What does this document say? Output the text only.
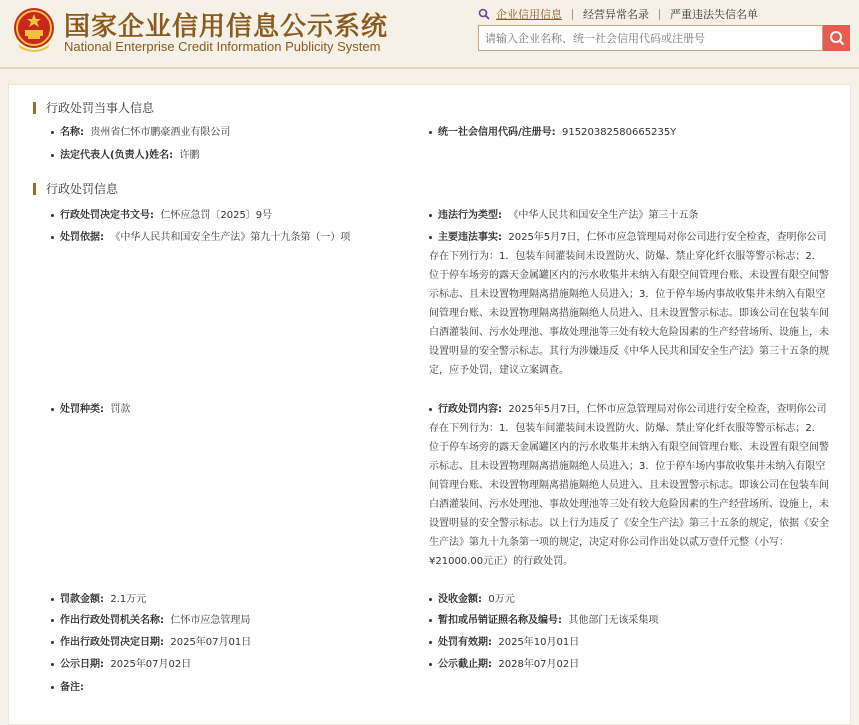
国家企业信用信息公示系统
National Enterprise Credit Information Publicity System
企业信用信息	经营异常名录	严重违法失信名单
请输入企业名称、统一社会信用代码或注册号
行政处罚当事人信息
名称: 贵州省仁怀市鹏豪酒业有限公司	统一社会信用代码/注册号: 91520382580665235Y
法定代表人(负责人)姓名: 许鹏
行政处罚信息
行政处罚决定书文号: 仁怀应急罚〔2025〕9号	违法行为类型: 《中华人民共和国安全生产法》第三十五条
处罚依据: 《中华人民共和国安全生产法》第九十九条第（一）项	主要违法事实: 2025年5月7日，仁怀市应急管理局对你公司进行安全检查，查明你公司存在下列行为：1．包装车间灌装间未设置防火、防爆、禁止穿化纤衣服等警示标志；2．位于停车场旁的露天金属罐区内的污水收集井未纳入有限空间管理台账、未设置有限空间警示标志、且未设置物理隔离措施隔绝人员进入；3．位于停车场内事故收集井未纳入有限空间管理台账、未设置物理隔离措施隔绝人员进入、且未设置警示标志。即该公司在包装车间白酒灌装间、污水处理池、事故处理池等三处有较大危险因素的生产经营场所、设施上，未设置明显的安全警示标志。其行为涉嫌违反《中华人民共和国安全生产法》第三十五条的规定，应予处罚，建议立案调查。
处罚种类: 罚款	行政处罚内容: 2025年5月7日，仁怀市应急管理局对你公司进行安全检查，查明你公司存在下列行为：1．包装车间灌装间未设置防火、防爆、禁止穿化纤衣服等警示标志；2．位于停车场旁的露天金属罐区内的污水收集井未纳入有限空间管理台账、未设置有限空间警示标志、且未设置物理隔离措施隔绝人员进入；3．位于停车场内事故收集井未纳入有限空间管理台账、未设置物理隔离措施隔绝人员进入、且未设置警示标志。即该公司在包装车间白酒灌装间、污水处理池、事故处理池等三处有较大危险因素的生产经营场所、设施上，未设置明显的安全警示标志。以上行为违反了《安全生产法》第三十五条的规定，依据《安全生产法》第九十九条第一项的规定，决定对你公司作出处以贰万壹仟元整（小写：¥21000.00元正）的行政处罚。
罚款金额: 2.1万元	没收金额: 0万元
作出行政处罚机关名称: 仁怀市应急管理局	暂扣或吊销证照名称及编号: 其他部门无该采集项
作出行政处罚决定日期: 2025年07月01日	处罚有效期: 2025年10月01日
公示日期: 2025年07月02日	公示截止期: 2028年07月02日
备注:
